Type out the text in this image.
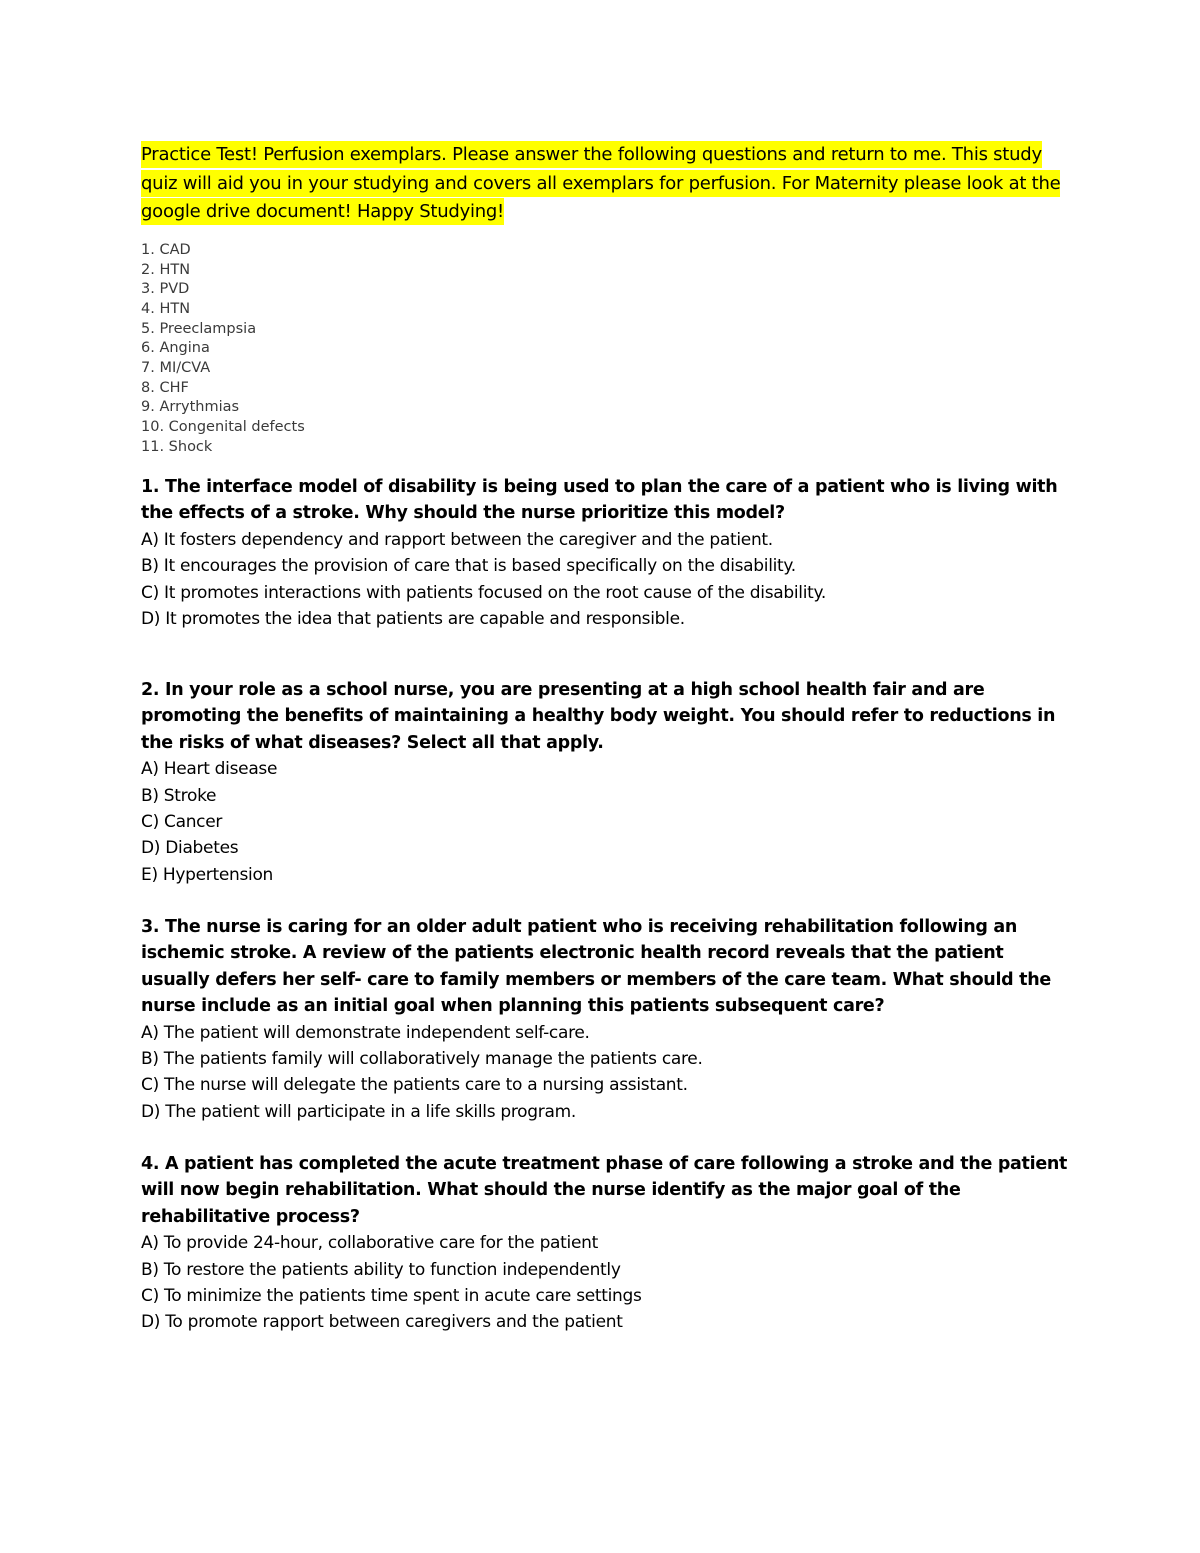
Practice Test! Perfusion exemplars. Please answer the following questions and return to me. This study quiz will aid you in your studying and covers all exemplars for perfusion. For Maternity please look at the google drive document! Happy Studying!

1. CAD
2. HTN
3. PVD
4. HTN
5. Preeclampsia
6. Angina
7. MI/CVA
8. CHF
9. Arrythmias
10. Congenital defects
11. Shock

1. The interface model of disability is being used to plan the care of a patient who is living with the effects of a stroke. Why should the nurse prioritize this model?

A) It fosters dependency and rapport between the caregiver and the patient.
B) It encourages the provision of care that is based specifically on the disability.
C) It promotes interactions with patients focused on the root cause of the disability.
D) It promotes the idea that patients are capable and responsible.

2. In your role as a school nurse, you are presenting at a high school health fair and are promoting the benefits of maintaining a healthy body weight. You should refer to reductions in the risks of what diseases? Select all that apply.

A) Heart disease
B) Stroke
C) Cancer
D) Diabetes
E) Hypertension

3. The nurse is caring for an older adult patient who is receiving rehabilitation following an ischemic stroke. A review of the patients electronic health record reveals that the patient usually defers her self- care to family members or members of the care team. What should the nurse include as an initial goal when planning this patients subsequent care?

A) The patient will demonstrate independent self-care.
B) The patients family will collaboratively manage the patients care.
C) The nurse will delegate the patients care to a nursing assistant.
D) The patient will participate in a life skills program.

4. A patient has completed the acute treatment phase of care following a stroke and the patient will now begin rehabilitation. What should the nurse identify as the major goal of the rehabilitative process?

A) To provide 24-hour, collaborative care for the patient
B) To restore the patients ability to function independently
C) To minimize the patients time spent in acute care settings
D) To promote rapport between caregivers and the patient
